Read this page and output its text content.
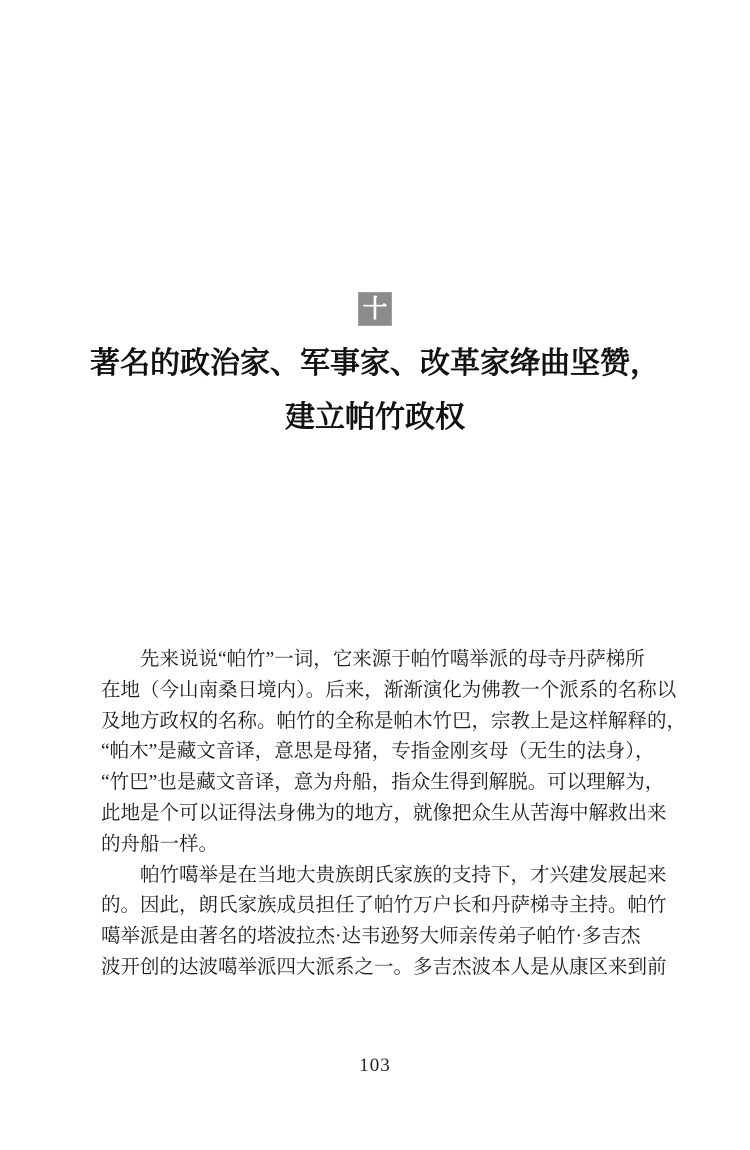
十
著名的政治家、军事家、改革家绛曲坚赞，
建立帕竹政权
先来说说“帕竹”一词，它来源于帕竹噶举派的母寺丹萨梯所
在地（今山南桑日境内）。后来，渐渐演化为佛教一个派系的名称以
及地方政权的名称。帕竹的全称是帕木竹巴，宗教上是这样解释的，
“帕木”是藏文音译，意思是母猪，专指金刚亥母（无生的法身），
“竹巴”也是藏文音译，意为舟船，指众生得到解脱。可以理解为，
此地是个可以证得法身佛为的地方，就像把众生从苦海中解救出来
的舟船一样。
帕竹噶举是在当地大贵族朗氏家族的支持下，才兴建发展起来
的。因此，朗氏家族成员担任了帕竹万户长和丹萨梯寺主持。帕竹
噶举派是由著名的塔波拉杰·达韦逊努大师亲传弟子帕竹·多吉杰
波开创的达波噶举派四大派系之一。多吉杰波本人是从康区来到前
103
